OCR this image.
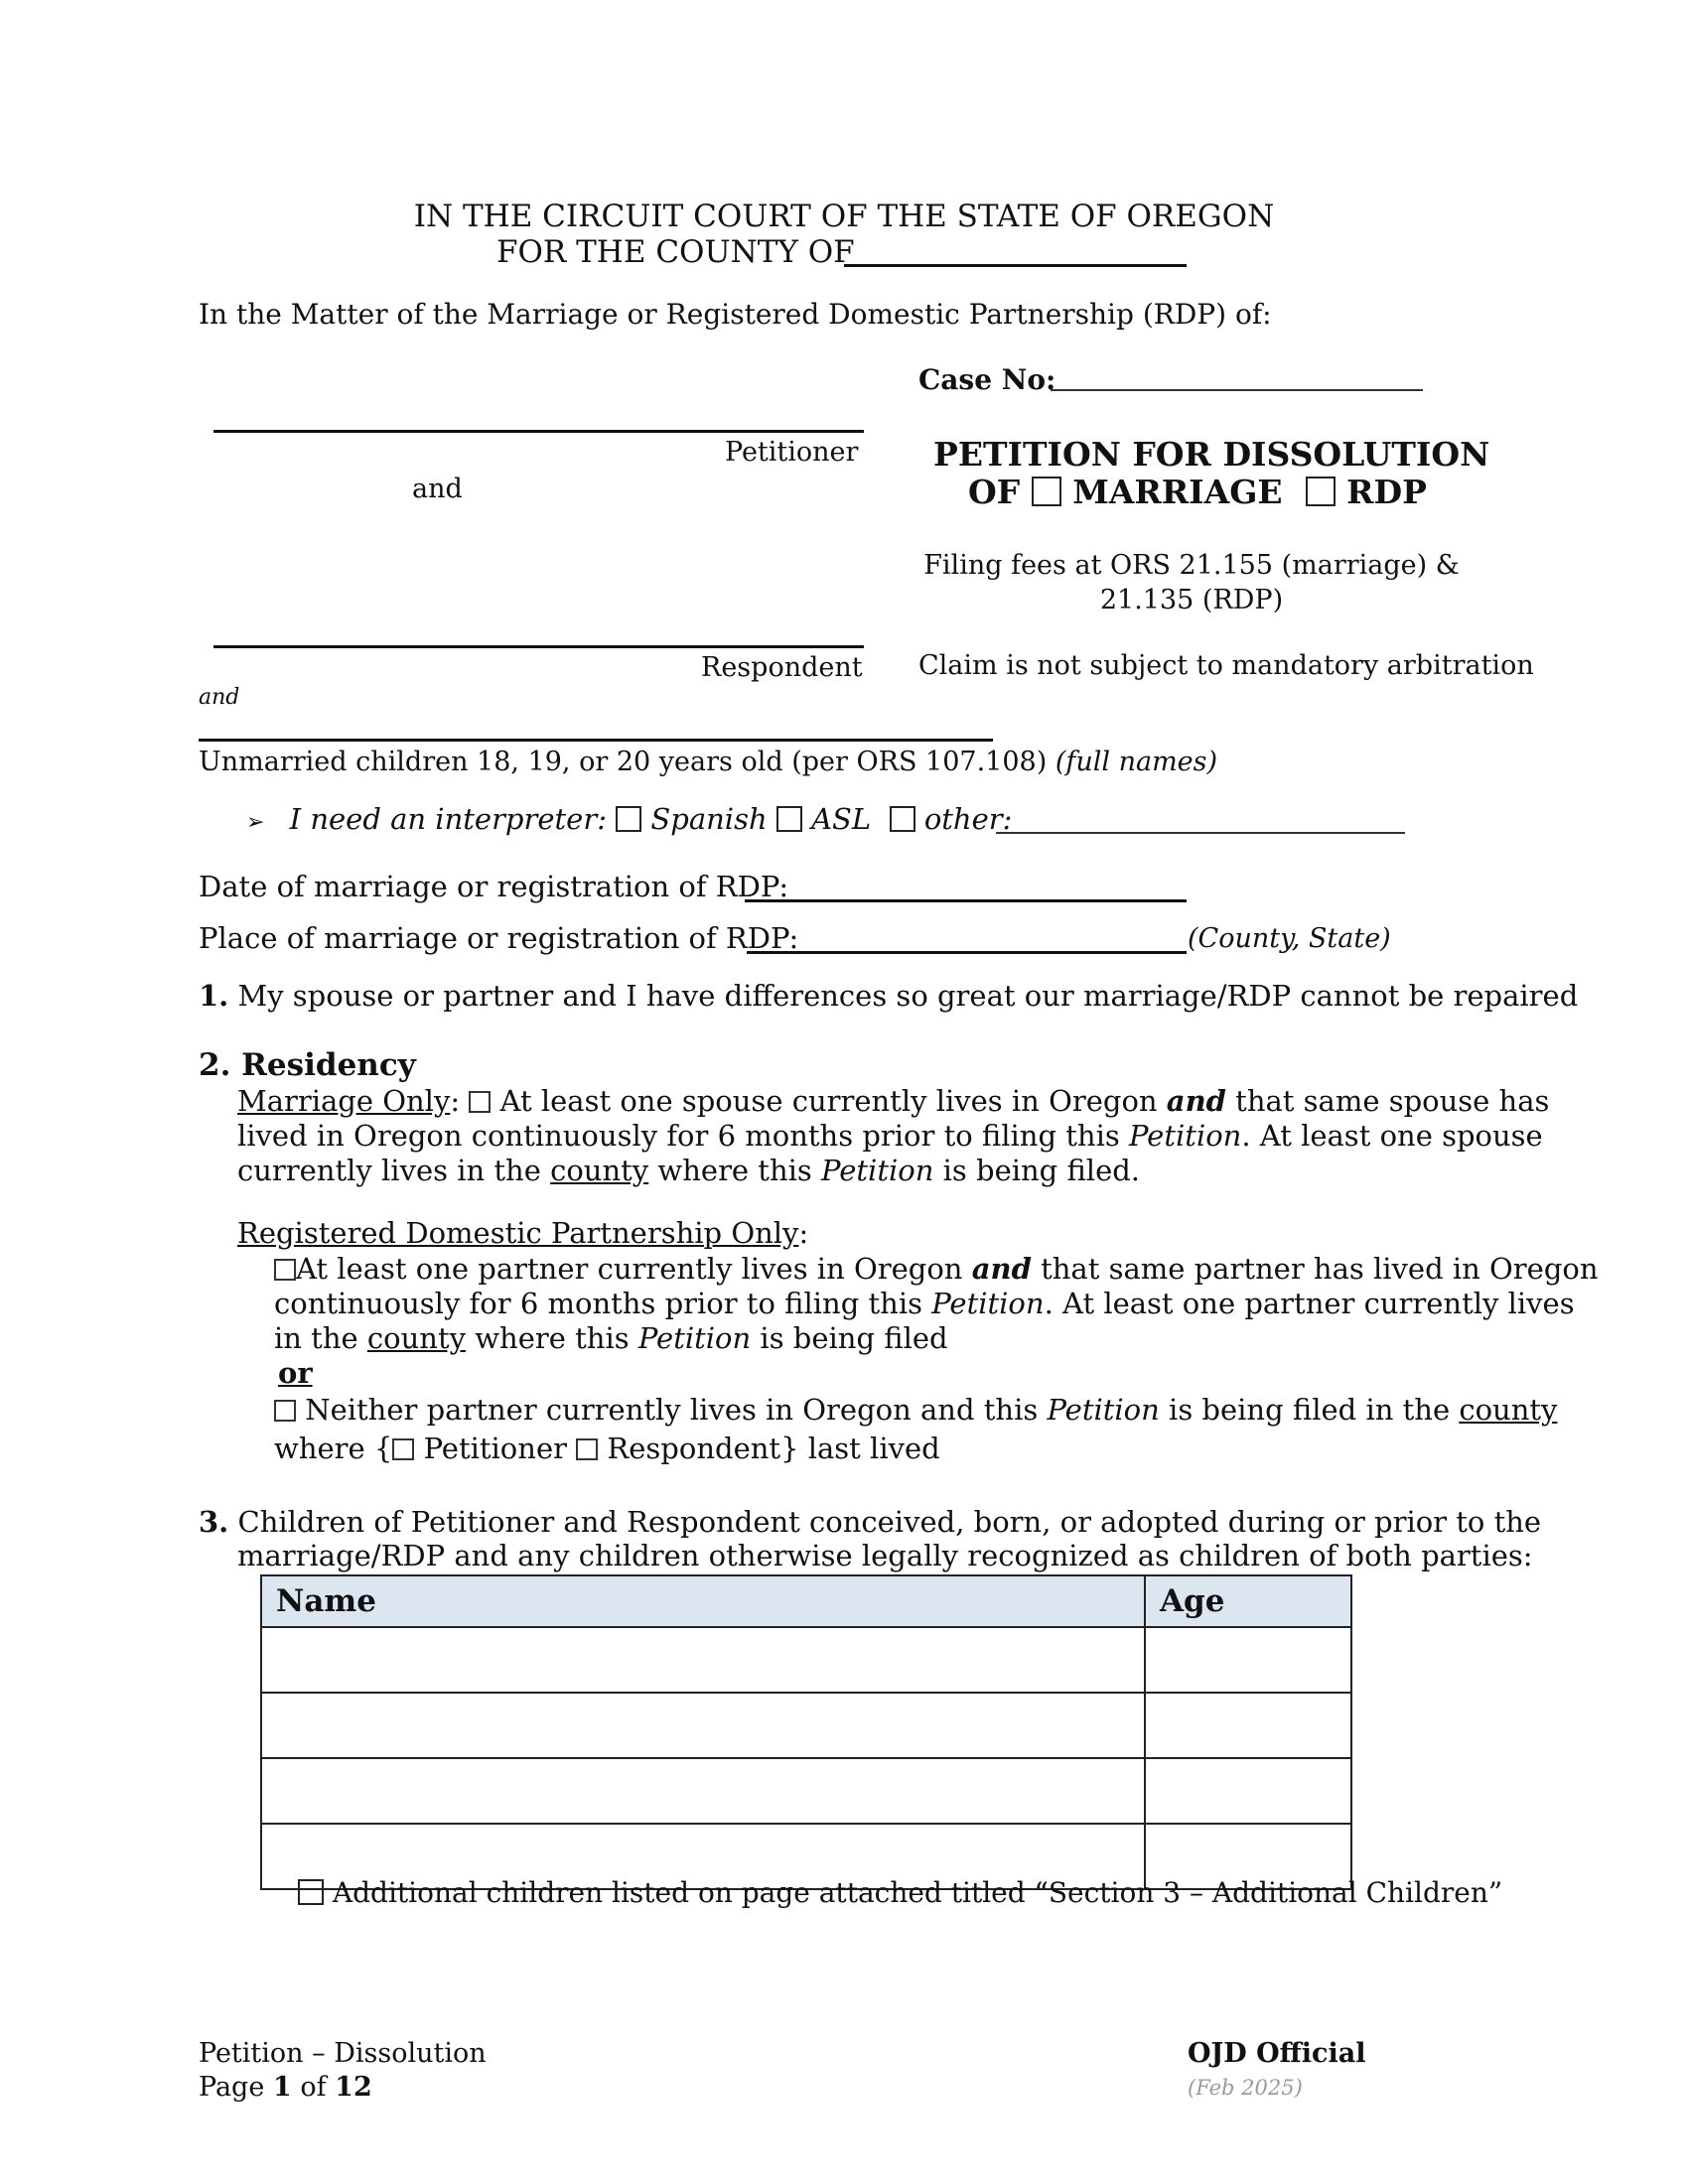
IN THE CIRCUIT COURT OF THE STATE OF OREGON
FOR THE COUNTY OF
In the Matter of the Marriage or Registered Domestic Partnership (RDP) of:
Case No:
Petitioner
and
Respondent
and
Unmarried children 18, 19, or 20 years old (per ORS 107.108) (full names)
PETITION FOR DISSOLUTION
OF MARRIAGE RDP
Filing fees at ORS 21.155 (marriage) &
21.135 (RDP)
Claim is not subject to mandatory arbitration
➢ I need an interpreter: Spanish ASL other:
Date of marriage or registration of RDP:
Place of marriage or registration of RDP:	(County, State)
1. My spouse or partner and I have differences so great our marriage/RDP cannot be repaired
2. Residency
Marriage Only:  At least one spouse currently lives in Oregon and that same spouse has
lived in Oregon continuously for 6 months prior to filing this Petition. At least one spouse
currently lives in the county where this Petition is being filed.
Registered Domestic Partnership Only:
At least one partner currently lives in Oregon and that same partner has lived in Oregon
continuously for 6 months prior to filing this Petition. At least one partner currently lives
in the county where this Petition is being filed
or
Neither partner currently lives in Oregon and this Petition is being filed in the county
where { Petitioner Respondent} last lived
3. Children of Petitioner and Respondent conceived, born, or adopted during or prior to the
marriage/RDP and any children otherwise legally recognized as children of both parties:
Name	Age

Additional children listed on page attached titled “Section 3 – Additional Children”
Petition – Dissolution
Page 1 of 12
OJD Official
(Feb 2025)
